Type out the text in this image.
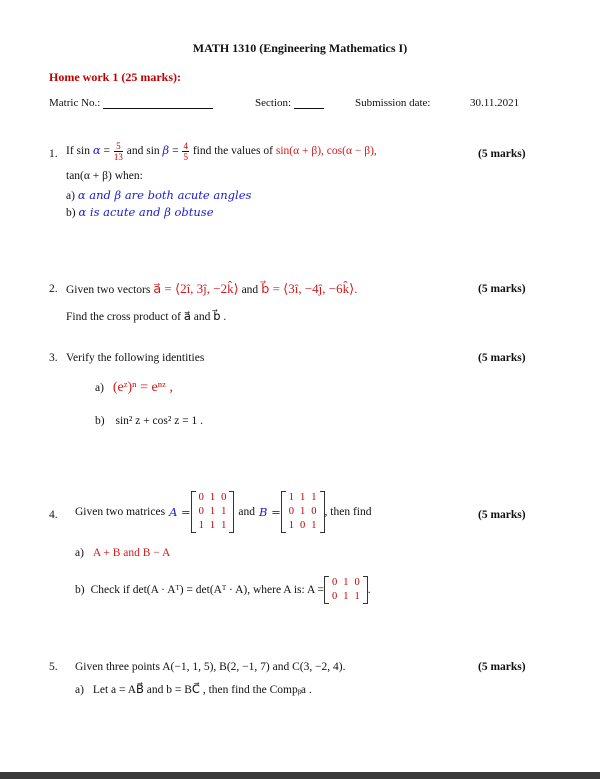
MATH 1310 (Engineering Mathematics I)
Home work 1 (25 marks):
Matric No.:	Section:	Submission date:	30.11.2021
1. If $\sin \alpha = \frac{5}{13}$ and $\sin \beta = \frac{4}{5}$ find the values of sin(α + β), cos(α − β),	(5 marks)
tan(α + β) when:
a) α and β are both acute angles
b) α is acute and β obtuse
2. Given two vectors a⃗ = ⟨2î, 3ĵ, −2k̂⟩ and b⃗ = ⟨3î, −4ĵ, −6k̂⟩.	(5 marks)
Find the cross product of a⃗ and b⃗ .
3. Verify the following identities	(5 marks)
a) (eᶻ)ⁿ = eⁿᶻ ,
b) sin² z + cos² z = 1 .
4. Given two matrices A =
0	1	0
0	1	1
1	1	1
and B =
1	1	1
0	1	0
1	0	1
, then find	(5 marks)
a) A + B and B − A
b) Check if det(A · Aᵀ) = det(Aᵀ · A), where A is: A =
0	1	0
0	1	1
.
5. Given three points A(−1, 1, 5), B(2, −1, 7) and C(3, −2, 4).	(5 marks)
a) Let a = AB⃗ and b = BC⃗ , then find the Compᵦa .
